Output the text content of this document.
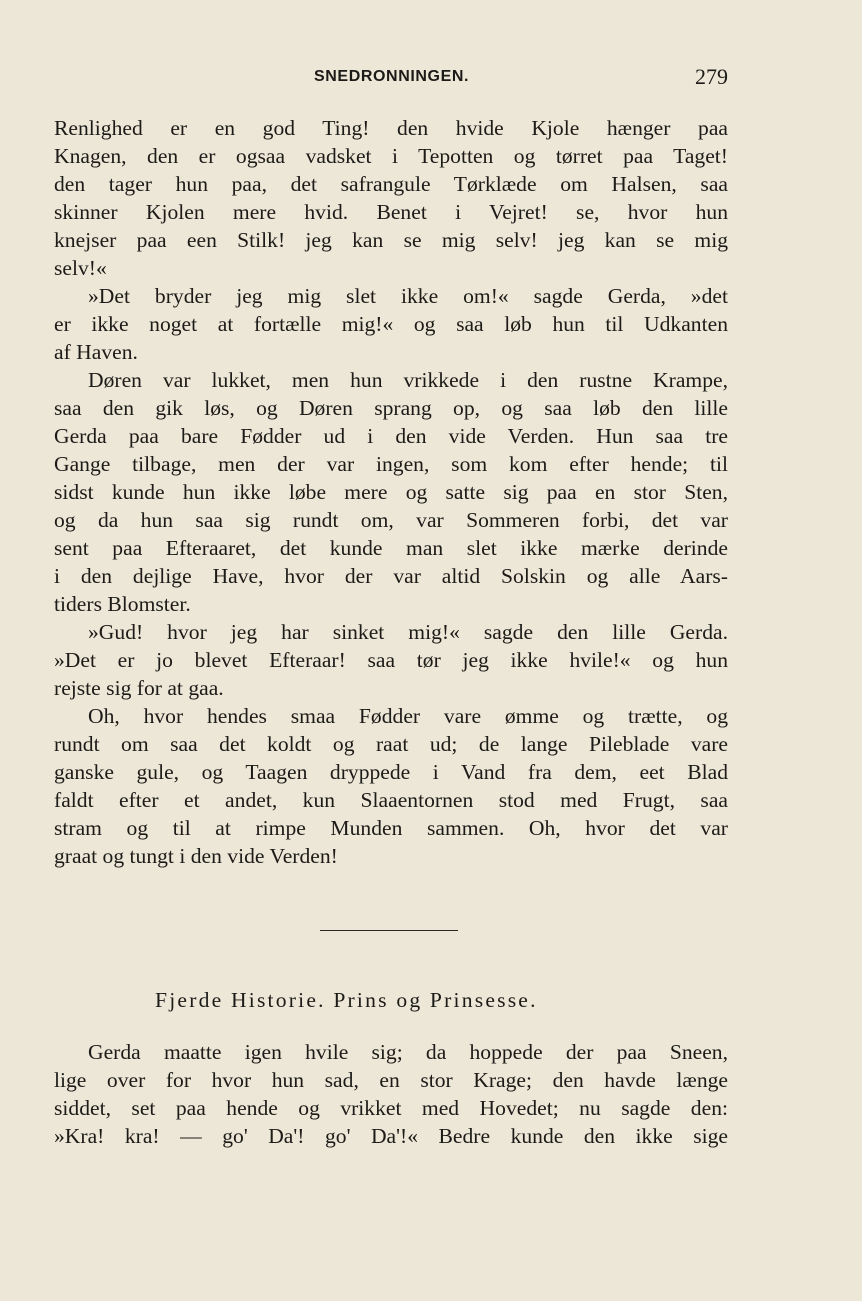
SNEDRONNINGEN.	279
Renlighed er en god Ting! den hvide Kjole hænger paa
Knagen, den er ogsaa vadsket i Tepotten og tørret paa Taget!
den tager hun paa, det safrangule Tørklæde om Halsen, saa
skinner Kjolen mere hvid. Benet i Vejret! se, hvor hun
knejser paa een Stilk! jeg kan se mig selv! jeg kan se mig
selv!«
»Det bryder jeg mig slet ikke om!« sagde Gerda, »det
er ikke noget at fortælle mig!« og saa løb hun til Udkanten
af Haven.
Døren var lukket, men hun vrikkede i den rustne Krampe,
saa den gik løs, og Døren sprang op, og saa løb den lille
Gerda paa bare Fødder ud i den vide Verden. Hun saa tre
Gange tilbage, men der var ingen, som kom efter hende; til
sidst kunde hun ikke løbe mere og satte sig paa en stor Sten,
og da hun saa sig rundt om, var Sommeren forbi, det var
sent paa Efteraaret, det kunde man slet ikke mærke derinde
i den dejlige Have, hvor der var altid Solskin og alle Aars-
tiders Blomster.
»Gud! hvor jeg har sinket mig!« sagde den lille Gerda.
»Det er jo blevet Efteraar! saa tør jeg ikke hvile!« og hun
rejste sig for at gaa.
Oh, hvor hendes smaa Fødder vare ømme og trætte, og
rundt om saa det koldt og raat ud; de lange Pileblade vare
ganske gule, og Taagen dryppede i Vand fra dem, eet Blad
faldt efter et andet, kun Slaaentornen stod med Frugt, saa
stram og til at rimpe Munden sammen. Oh, hvor det var
graat og tungt i den vide Verden!
Fjerde Historie. Prins og Prinsesse.
Gerda maatte igen hvile sig; da hoppede der paa Sneen,
lige over for hvor hun sad, en stor Krage; den havde længe
siddet, set paa hende og vrikket med Hovedet; nu sagde den:
»Kra! kra! — go' Da'! go' Da'!« Bedre kunde den ikke sige
